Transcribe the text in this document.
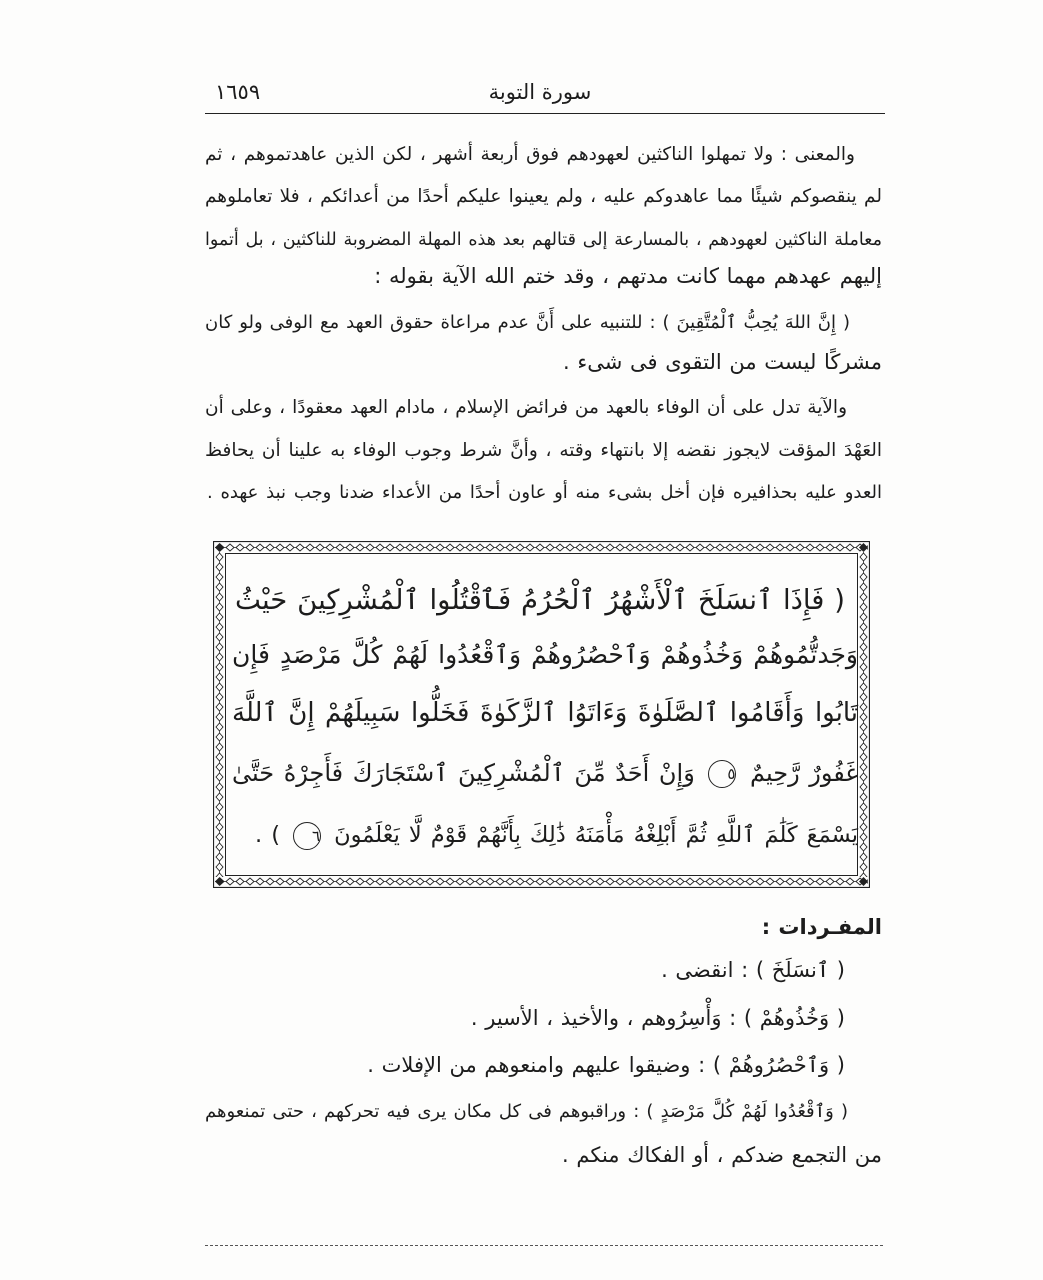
سورة التوبة
١٦٥٩
والمعنى : ولا تمهلوا الناكثين لعهودهم فوق أربعة أشهر ، لكن الذين عاهدتموهم ، ثم
لم ينقصوكم شيئًا مما عاهدوكم عليه ، ولم يعينوا عليكم أحدًا من أعدائكم ، فلا تعاملوهم
معاملة الناكثين لعهودهم ، بالمسارعة إلى قتالهم بعد هذه المهلة المضروبة للناكثين ، بل أتموا
إليهم عهدهم مهما كانت مدتهم ، وقد ختم الله الآية بقوله :
( إِنَّ اللهَ يُحِبُّ ٱلْمُتَّقِينَ ) : للتنبيه على أَنَّ عدم مراعاة حقوق العهد مع الوفى ولو كان
مشركًا ليست من التقوى فى شىء .
والآية تدل على أن الوفاء بالعهد من فرائض الإسلام ، مادام العهد معقودًا ، وعلى أن
العَهْدَ المؤقت لايجوز نقضه إلا بانتهاء وقته ، وأنَّ شرط وجوب الوفاء به علينا أن يحافظ
العدو عليه بحذافيره فإن أخل بشىء منه أو عاون أحدًا من الأعداء ضدنا وجب نبذ عهده .
( فَإِذَا ٱنسَلَخَ ٱلْأَشْهُرُ ٱلْحُرُمُ فَٱقْتُلُوا ٱلْمُشْرِكِينَ حَيْثُ
وَجَدتُّمُوهُمْ وَخُذُوهُمْ وَٱحْصُرُوهُمْ وَٱقْعُدُوا لَهُمْ كُلَّ مَرْصَدٍ فَإِن
تَابُوا وَأَقَامُوا ٱلصَّلَوٰةَ وَءَاتَوُا ٱلزَّكَوٰةَ فَخَلُّوا سَبِيلَهُمْ إِنَّ ٱللَّهَ
غَفُورٌ رَّحِيمٌ ٥ وَإِنْ أَحَدٌ مِّنَ ٱلْمُشْرِكِينَ ٱسْتَجَارَكَ فَأَجِرْهُ حَتَّىٰ
يَسْمَعَ كَلَٰمَ ٱللَّهِ ثُمَّ أَبْلِغْهُ مَأْمَنَهُ ذَٰلِكَ بِأَنَّهُمْ قَوْمٌ لَّا يَعْلَمُونَ ٦ ) .
المفـردات :
( ٱنسَلَخَ ) : انقضى .
( وَخُذُوهُمْ ) : وَأْسِرُوهم ، والأخيذ ، الأسير .
( وَٱحْصُرُوهُمْ ) : وضيقوا عليهم وامنعوهم من الإفلات .
( وَٱقْعُدُوا لَهُمْ كُلَّ مَرْصَدٍ ) : وراقبوهم فى كل مكان يرى فيه تحركهم ، حتى تمنعوهم
من التجمع ضدكم ، أو الفكاك منكم .
